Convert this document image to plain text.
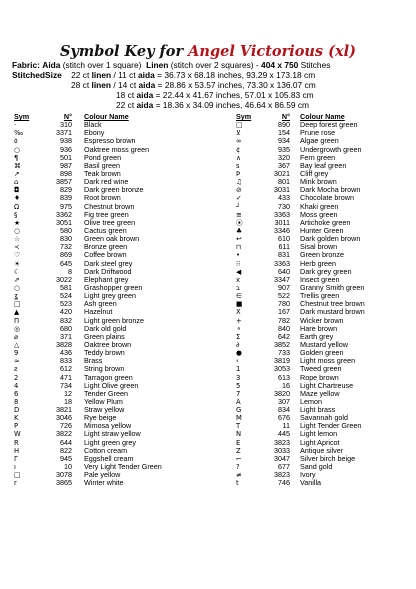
Symbol Key for Angel Victorious (xl)
Fabric: Aida (stitch over 1 square) Linen (stitch over 2 squares) - 404 x 750 Stitches
StitchedSize 22 ct linen / 11 ct aida = 36.73 x 68.18 inches, 93.29 x 173.18 cm
28 ct linen / 14 ct aida = 28.86 x 53.57 inches, 73.30 x 136.07 cm
18 ct aida = 22.44 x 41.67 inches, 57.01 x 105.83 cm
22 ct aida = 18.36 x 34.09 inches, 46.64 x 86.59 cm
Sym	N° Colour Name
·	310 Black
‰	3371 Ebony
٥	938 Espresso brown
○	936 Oaktree moss green
¶	501 Pond green
⌘	987 Basil green
↗	898 Teak brown
⌂	3857 Dark red wine
◘	829 Dark green bronze
♦	839 Root brown
Ω	975 Chestnut brown
§	3362 Fig tree green
★	3051 Olive tree green
○	580 Cactus green
☆	830 Green oak brown
≺	732 Bronze green
♡	869 Coffee brown
☀	645 Dark steel grey
☾	8 Dark Driftwood
⇗	3022 Elephant grey
○	581 Grashopper green
ʓ	524 Light grey green
□	523 Ash green
▲	420 Hazelnut
Π	832 Light green bronze
◎	680 Dark old gold
⌀	371 Green plains
△	3828 Oaktree brown
9	436 Teddy brown
≈	833 Brass
ƨ	612 String brown
2	471 Tarragon green
4	734 Light Olive green
6	12 Tender Green
8	18 Yellow Plum
D	3821 Straw yellow
K	3046 Rye beige
P	726 Mimosa yellow
W	3822 Light straw yellow
R	644 Light green grey
H	822 Cotton cream
Γ	945 Eggshell cream
ı	10 Very Light Tender Green
□	3078 Pale yellow
r	3865 Winter white
Sym	N° Colour Name
□	890 Deep forest green
⊻	154 Prune rose
∞	934 Algae green
¢	935 Undergrowth green
∧	320 Fern green
s	367 Bay leaf green
Þ	3021 Cliff grey
♫	801 Mink brown
⊘	3031 Dark Mocha brown
✓	433 Chocolate brown
┘	730 Khaki green
≡	3363 Moss green
⦿	3011 Artichoke green
♣	3346 Hunter Green
↩	610 Dark golden brown
⊓	611 Sisal brown
•	831 Green bronze
⁝⁝	3363 Herb green
◀	640 Dark grey green
x	3347 Insect green
ב	907 Granny Smith green
∈	522 Trellis green
■	780 Chestnut tree brown
X	167 Dark mustard brown
+	782 Wicker brown
⚬	840 Hare brown
Σ	642 Earth grey
∂	3852 Mustard yellow
●	733 Golden green
‹	3819 Light moss green
1	3053 Tweed green
3	613 Rope brown
5	16 Light Chartreuse
7	3820 Maze yellow
A	307 Lemon
G	834 Light brass
M	676 Savannah gold
T	11 Light Tender Green
N	445 Light lemon
E	3823 Light Apricot
Z	3033 Antique silver
⌐	3047 Silver birch beige
?	677 Sand gold
≠	3823 Ivory
t	746 Vanilla
